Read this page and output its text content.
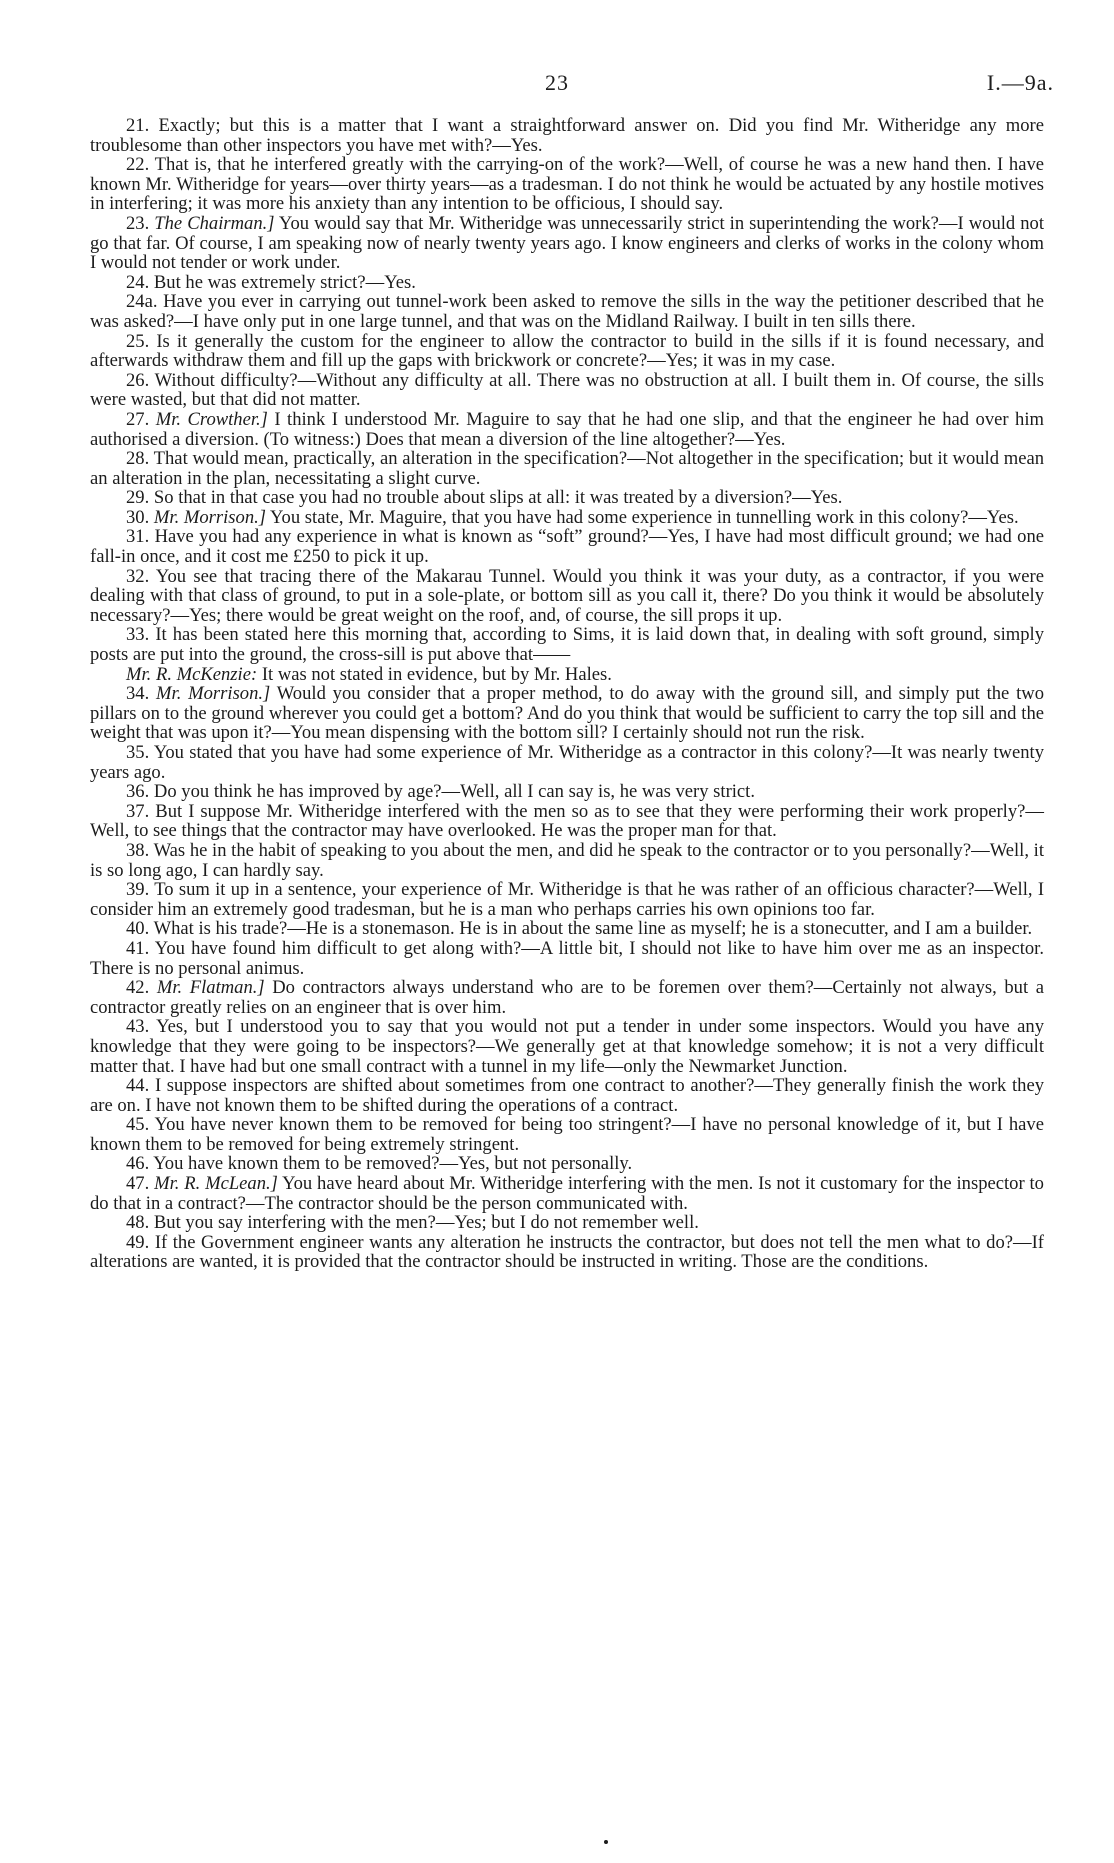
23	I.—9a.

21. Exactly; but this is a matter that I want a straightforward answer on. Did you find Mr. Witheridge any more troublesome than other inspectors you have met with?—Yes.

22. That is, that he interfered greatly with the carrying-on of the work?—Well, of course he was a new hand then. I have known Mr. Witheridge for years—over thirty years—as a tradesman. I do not think he would be actuated by any hostile motives in interfering; it was more his anxiety than any intention to be officious, I should say.

23. The Chairman.] You would say that Mr. Witheridge was unnecessarily strict in superintending the work?—I would not go that far. Of course, I am speaking now of nearly twenty years ago. I know engineers and clerks of works in the colony whom I would not tender or work under.

24. But he was extremely strict?—Yes.

24a. Have you ever in carrying out tunnel-work been asked to remove the sills in the way the petitioner described that he was asked?—I have only put in one large tunnel, and that was on the Midland Railway. I built in ten sills there.

25. Is it generally the custom for the engineer to allow the contractor to build in the sills if it is found necessary, and afterwards withdraw them and fill up the gaps with brickwork or concrete?—Yes; it was in my case.

26. Without difficulty?—Without any difficulty at all. There was no obstruction at all. I built them in. Of course, the sills were wasted, but that did not matter.

27. Mr. Crowther.] I think I understood Mr. Maguire to say that he had one slip, and that the engineer he had over him authorised a diversion. (To witness:) Does that mean a diversion of the line altogether?—Yes.

28. That would mean, practically, an alteration in the specification?—Not altogether in the specification; but it would mean an alteration in the plan, necessitating a slight curve.

29. So that in that case you had no trouble about slips at all: it was treated by a diversion?—Yes.

30. Mr. Morrison.] You state, Mr. Maguire, that you have had some experience in tunnelling work in this colony?—Yes.

31. Have you had any experience in what is known as “soft” ground?—Yes, I have had most difficult ground; we had one fall-in once, and it cost me £250 to pick it up.

32. You see that tracing there of the Makarau Tunnel. Would you think it was your duty, as a contractor, if you were dealing with that class of ground, to put in a sole-plate, or bottom sill as you call it, there? Do you think it would be absolutely necessary?—Yes; there would be great weight on the roof, and, of course, the sill props it up.

33. It has been stated here this morning that, according to Sims, it is laid down that, in dealing with soft ground, simply posts are put into the ground, the cross-sill is put above that——

Mr. R. McKenzie: It was not stated in evidence, but by Mr. Hales.

34. Mr. Morrison.] Would you consider that a proper method, to do away with the ground sill, and simply put the two pillars on to the ground wherever you could get a bottom? And do you think that would be sufficient to carry the top sill and the weight that was upon it?—You mean dispensing with the bottom sill? I certainly should not run the risk.

35. You stated that you have had some experience of Mr. Witheridge as a contractor in this colony?—It was nearly twenty years ago.

36. Do you think he has improved by age?—Well, all I can say is, he was very strict.

37. But I suppose Mr. Witheridge interfered with the men so as to see that they were performing their work properly?—Well, to see things that the contractor may have overlooked. He was the proper man for that.

38. Was he in the habit of speaking to you about the men, and did he speak to the contractor or to you personally?—Well, it is so long ago, I can hardly say.

39. To sum it up in a sentence, your experience of Mr. Witheridge is that he was rather of an officious character?—Well, I consider him an extremely good tradesman, but he is a man who perhaps carries his own opinions too far.

40. What is his trade?—He is a stonemason. He is in about the same line as myself; he is a stonecutter, and I am a builder.

41. You have found him difficult to get along with?—A little bit, I should not like to have him over me as an inspector. There is no personal animus.

42. Mr. Flatman.] Do contractors always understand who are to be foremen over them?—Certainly not always, but a contractor greatly relies on an engineer that is over him.

43. Yes, but I understood you to say that you would not put a tender in under some inspectors. Would you have any knowledge that they were going to be inspectors?—We generally get at that knowledge somehow; it is not a very difficult matter that. I have had but one small contract with a tunnel in my life—only the Newmarket Junction.

44. I suppose inspectors are shifted about sometimes from one contract to another?—They generally finish the work they are on. I have not known them to be shifted during the operations of a contract.

45. You have never known them to be removed for being too stringent?—I have no personal knowledge of it, but I have known them to be removed for being extremely stringent.

46. You have known them to be removed?—Yes, but not personally.

47. Mr. R. McLean.] You have heard about Mr. Witheridge interfering with the men. Is not it customary for the inspector to do that in a contract?—The contractor should be the person communicated with.

48. But you say interfering with the men?—Yes; but I do not remember well.

49. If the Government engineer wants any alteration he instructs the contractor, but does not tell the men what to do?—If alterations are wanted, it is provided that the contractor should be instructed in writing. Those are the conditions.
